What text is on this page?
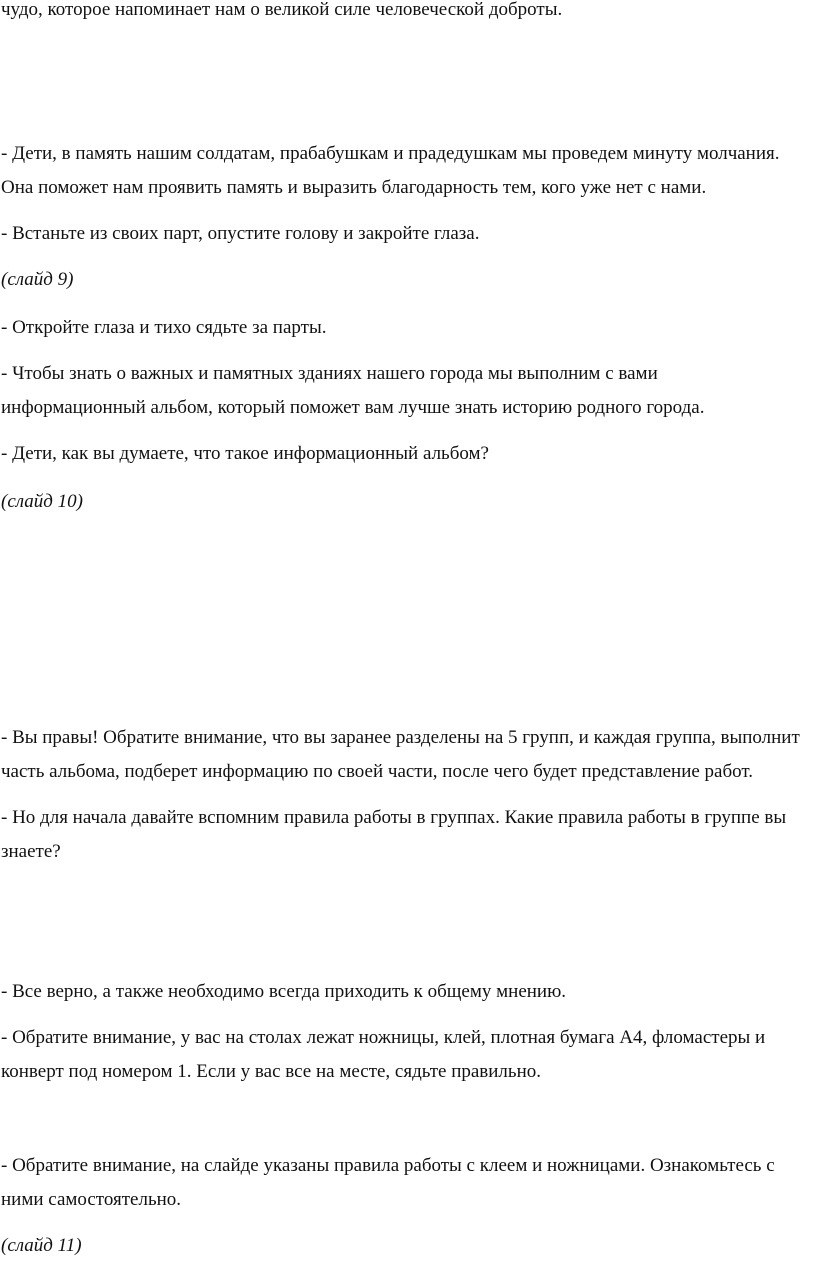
чудо, которое напоминает нам о великой силе человеческой доброты.
- Дети, в память нашим солдатам, прабабушкам и прадедушкам мы проведем минуту молчания.
Она поможет нам проявить память и выразить благодарность тем, кого уже нет с нами.
- Встаньте из своих парт, опустите голову и закройте глаза.
(слайд 9)
- Откройте глаза и тихо сядьте за парты.
- Чтобы знать о важных и памятных зданиях нашего города мы выполним с вами
информационный альбом, который поможет вам лучше знать историю родного города.
- Дети, как вы думаете, что такое информационный альбом?
(слайд 10)
- Вы правы! Обратите внимание, что вы заранее разделены на 5 групп, и каждая группа, выполнит
часть альбома, подберет информацию по своей части, после чего будет представление работ.
- Но для начала давайте вспомним правила работы в группах. Какие правила работы в группе вы
знаете?
- Все верно, а также необходимо всегда приходить к общему мнению.
- Обратите внимание, у вас на столах лежат ножницы, клей, плотная бумага А4, фломастеры и
конверт под номером 1. Если у вас все на месте, сядьте правильно.
- Обратите внимание, на слайде указаны правила работы с клеем и ножницами. Ознакомьтесь с
ними самостоятельно.
(слайд 11)
